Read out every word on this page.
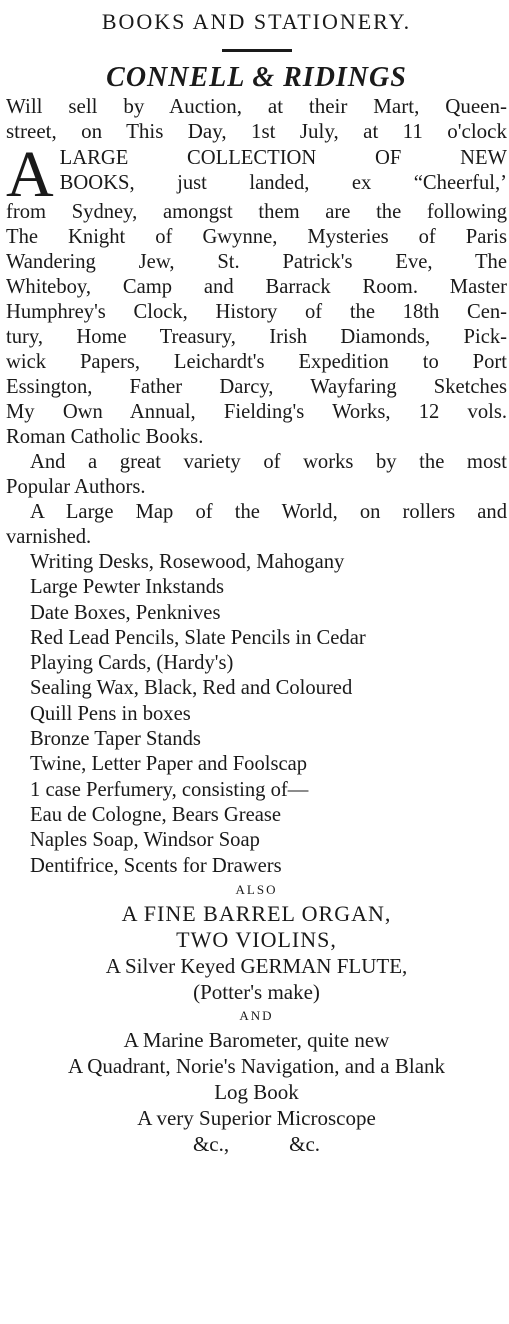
BOOKS AND STATIONERY.
CONNELL & RIDINGS
Will sell by Auction, at their Mart, Queen-
street, on This Day, 1st July, at 11 o'clock
A LARGE COLLECTION OF NEW
BOOKS, just landed, ex “Cheerful,’
from Sydney, amongst them are the following
The Knight of Gwynne, Mysteries of Paris
Wandering Jew, St. Patrick's Eve, The
Whiteboy, Camp and Barrack Room. Master
Humphrey's Clock, History of the 18th Cen-
tury, Home Treasury, Irish Diamonds, Pick-
wick Papers, Leichardt's Expedition to Port
Essington, Father Darcy, Wayfaring Sketches
My Own Annual, Fielding's Works, 12 vols.
Roman Catholic Books.
And a great variety of works by the most
Popular Authors.
A Large Map of the World, on rollers and
varnished.
Writing Desks, Rosewood, Mahogany
Large Pewter Inkstands
Date Boxes, Penknives
Red Lead Pencils, Slate Pencils in Cedar
Playing Cards, (Hardy's)
Sealing Wax, Black, Red and Coloured
Quill Pens in boxes
Bronze Taper Stands
Twine, Letter Paper and Foolscap
1 case Perfumery, consisting of—
Eau de Cologne, Bears Grease
Naples Soap, Windsor Soap
Dentifrice, Scents for Drawers
ALSO
A FINE BARREL ORGAN,
TWO VIOLINS,
A Silver Keyed GERMAN FLUTE,
(Potter's make)
AND
A Marine Barometer, quite new
A Quadrant, Norie's Navigation, and a Blank
Log Book
A very Superior Microscope
&c.,	&c.
